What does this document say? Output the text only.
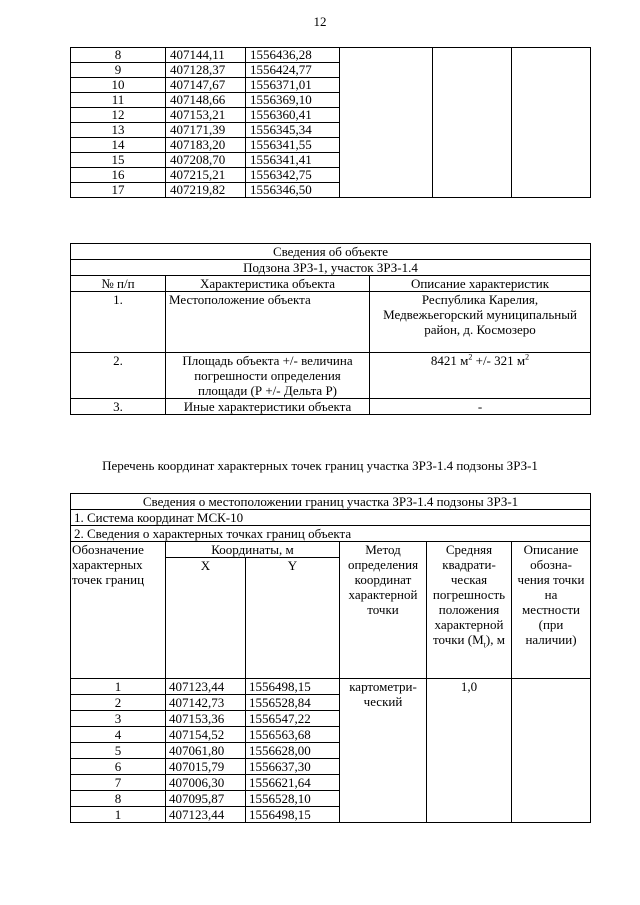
12
8	407144,11	1556436,28			
9	407128,37	1556424,77			
10	407147,67	1556371,01			
11	407148,66	1556369,10			
12	407153,21	1556360,41			
13	407171,39	1556345,34			
14	407183,20	1556341,55			
15	407208,70	1556341,41			
16	407215,21	1556342,75			
17	407219,82	1556346,50			
Сведения об объекте		
Подзона ЗРЗ-1, участок ЗРЗ-1.4		
№ п/п	Характеристика объекта	Описание характеристик
1.	Местоположение объекта	Республика Карелия, Медвежьегорский муниципальный район, д. Космозеро
2.	Площадь объекта +/- величина погрешности определения площади (Р +/- Дельта Р)	8421 $м^2$ +/- 321 $м^2$
3.	Иные характеристики объекта	-
Перечень координат характерных точек границ участка ЗРЗ-1.4 подзоны ЗРЗ-1
Сведения о местоположении границ участка ЗРЗ-1.4 подзоны ЗРЗ-1					
1. Система координат МСК-10					
2. Сведения о характерных точках границ объекта					
Обозначение характерных точек границ	Координаты, м		Метод определения координат характерной точки	Средняя квадрати-ческая погрешность положения характерной точки $(М_t)$, м	Описание обозна-чения точки на местности (при наличии)
	X	Y			
1	407123,44	1556498,15	картометри-ческий	1,0	
2	407142,73	1556528,84			
3	407153,36	1556547,22			
4	407154,52	1556563,68			
5	407061,80	1556628,00			
6	407015,79	1556637,30			
7	407006,30	1556621,64			
8	407095,87	1556528,10			
1	407123,44	1556498,15			
